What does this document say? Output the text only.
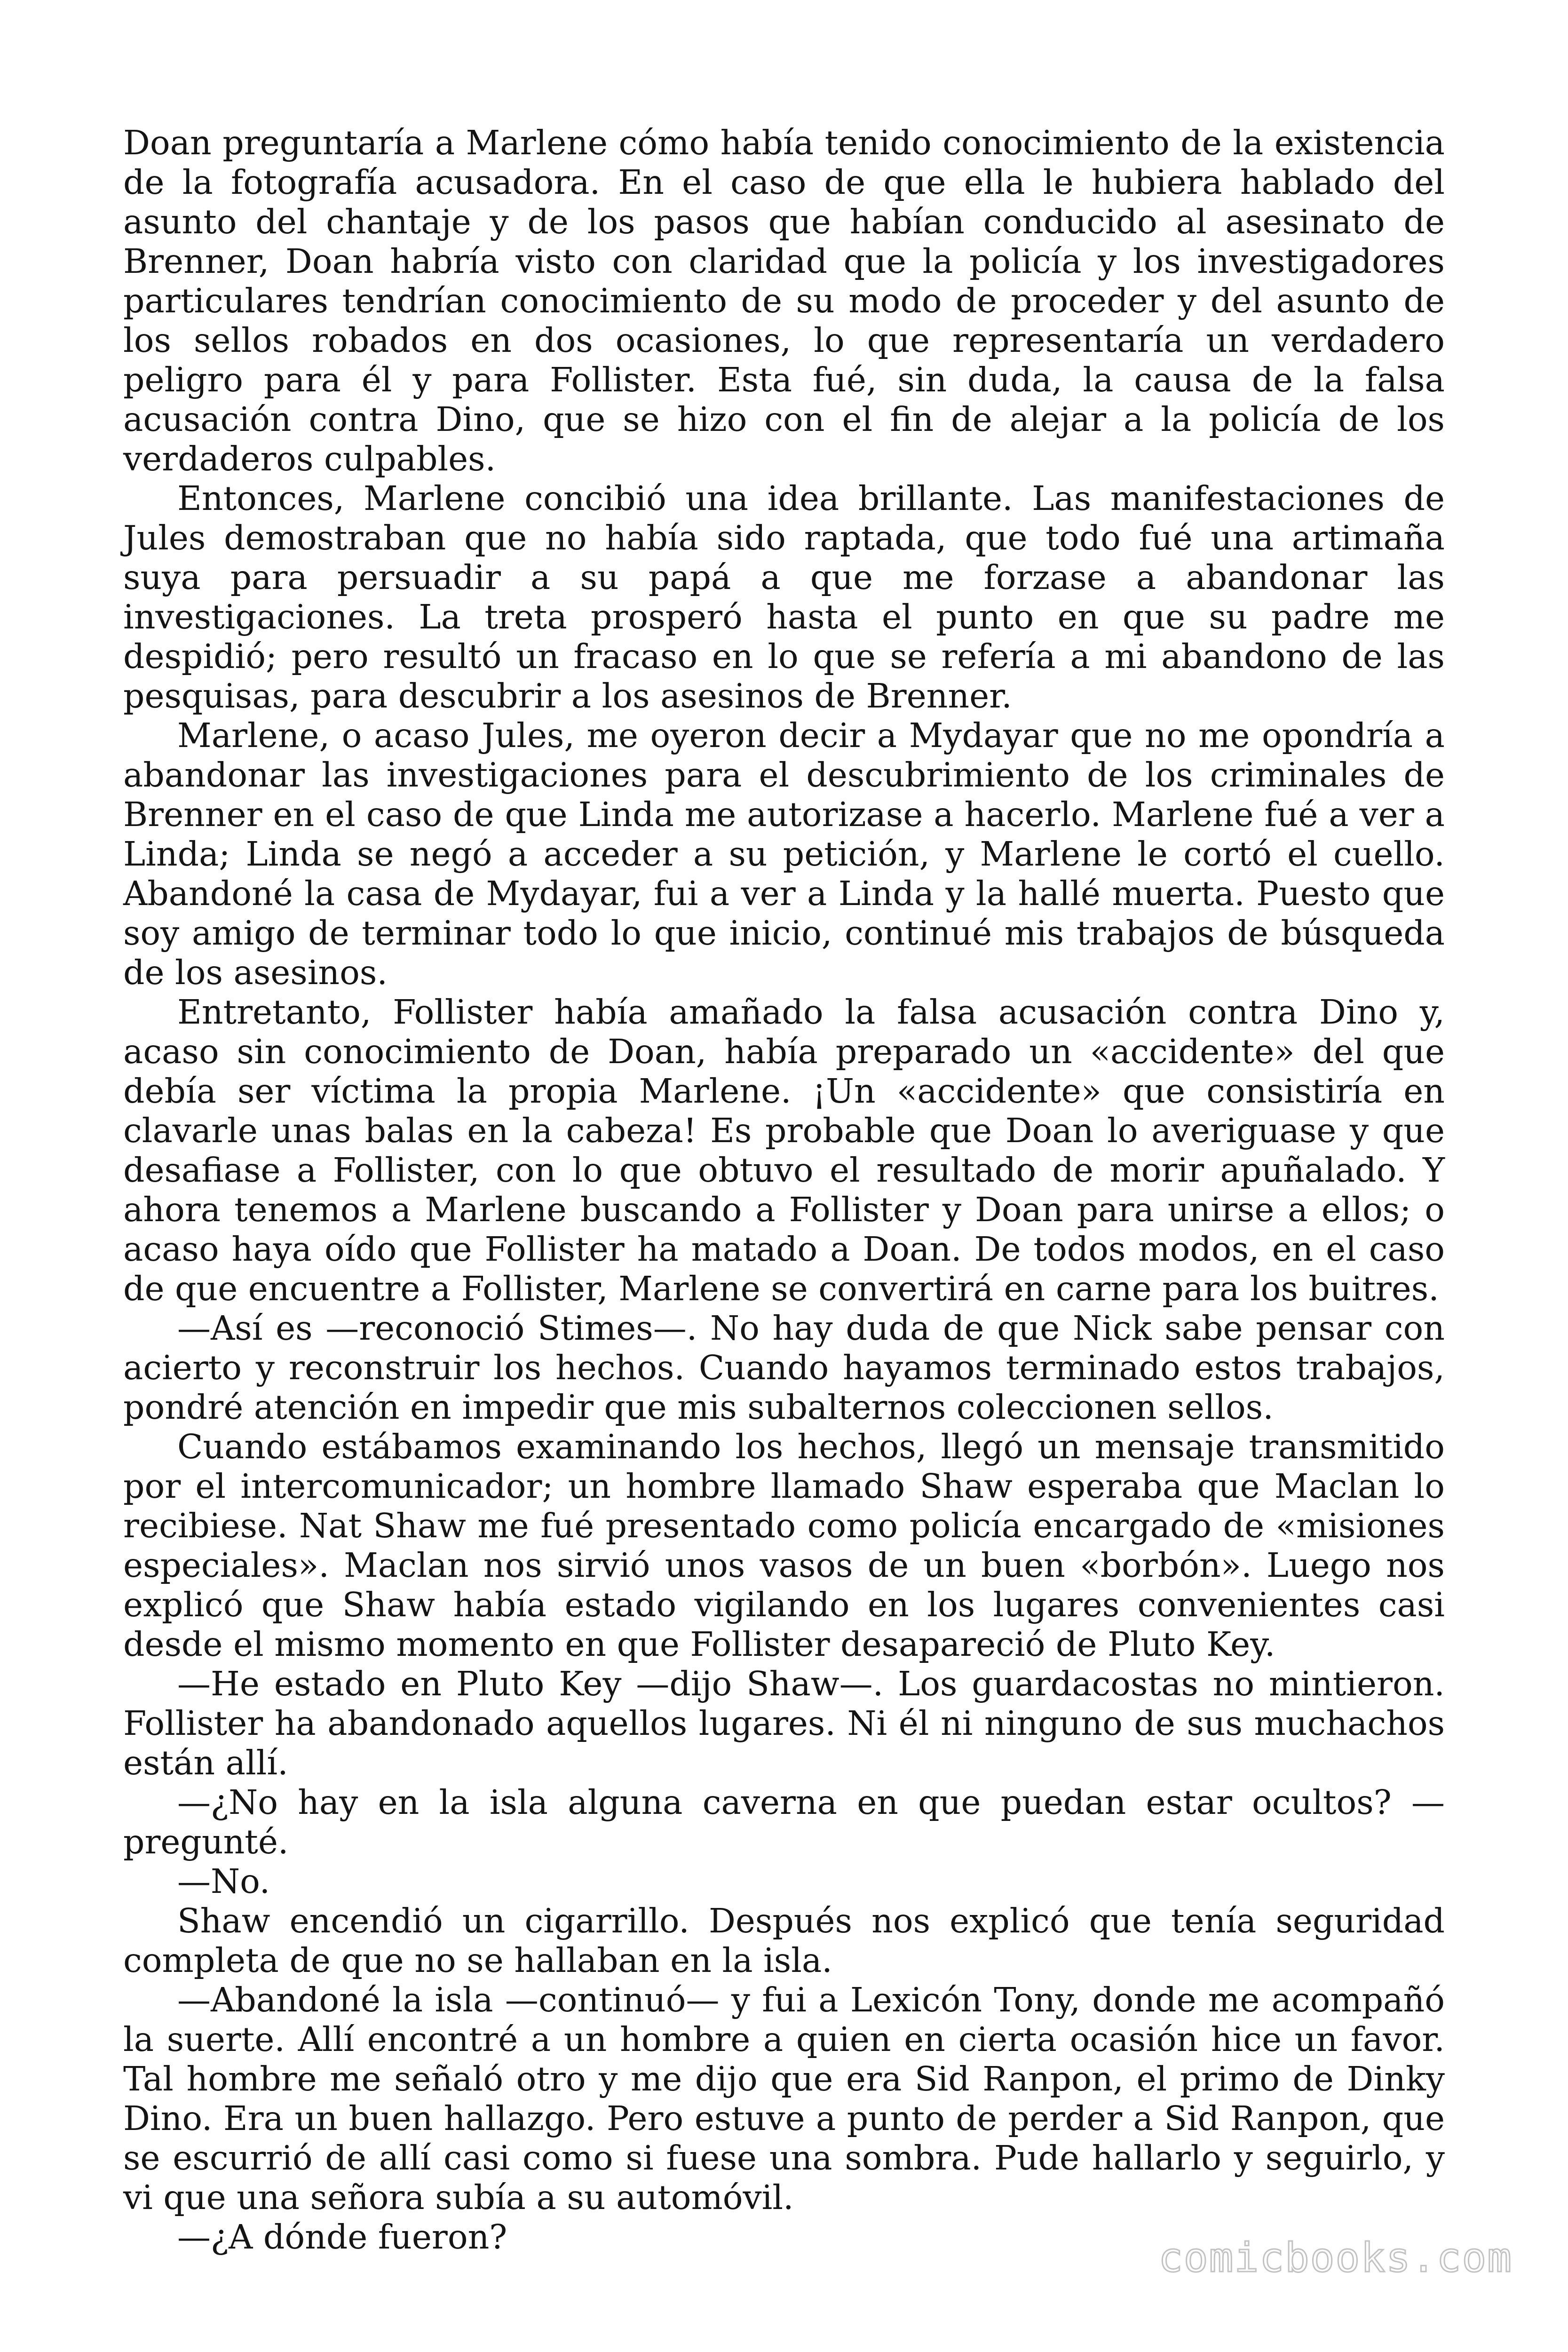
Doan preguntaría a Marlene cómo había tenido conocimiento de la existencia de la fotografía acusadora. En el caso de que ella le hubiera hablado del asunto del chantaje y de los pasos que habían conducido al asesinato de Brenner, Doan habría visto con claridad que la policía y los investigadores particulares tendrían conocimiento de su modo de proceder y del asunto de los sellos robados en dos ocasiones, lo que representaría un verdadero peligro para él y para Follister. Esta fué, sin duda, la causa de la falsa acusación contra Dino, que se hizo con el fin de alejar a la policía de los verdaderos culpables.

Entonces, Marlene concibió una idea brillante. Las manifestaciones de Jules demostraban que no había sido raptada, que todo fué una artimaña suya para persuadir a su papá a que me forzase a abandonar las investigaciones. La treta prosperó hasta el punto en que su padre me despidió; pero resultó un fracaso en lo que se refería a mi abandono de las pesquisas, para descubrir a los asesinos de Brenner.

Marlene, o acaso Jules, me oyeron decir a Mydayar que no me opondría a abandonar las investigaciones para el descubrimiento de los criminales de Brenner en el caso de que Linda me autorizase a hacerlo. Marlene fué a ver a Linda; Linda se negó a acceder a su petición, y Marlene le cortó el cuello. Abandoné la casa de Mydayar, fui a ver a Linda y la hallé muerta. Puesto que soy amigo de terminar todo lo que inicio, continué mis trabajos de búsqueda de los asesinos.

Entretanto, Follister había amañado la falsa acusación contra Dino y, acaso sin conocimiento de Doan, había preparado un «accidente» del que debía ser víctima la propia Marlene. ¡Un «accidente» que consistiría en clavarle unas balas en la cabeza! Es probable que Doan lo averiguase y que desafiase a Follister, con lo que obtuvo el resultado de morir apuñalado. Y ahora tenemos a Marlene buscando a Follister y Doan para unirse a ellos; o acaso haya oído que Follister ha matado a Doan. De todos modos, en el caso de que encuentre a Follister, Marlene se convertirá en carne para los buitres.

—Así es —reconoció Stimes—. No hay duda de que Nick sabe pensar con acierto y reconstruir los hechos. Cuando hayamos terminado estos trabajos, pondré atención en impedir que mis subalternos coleccionen sellos.

Cuando estábamos examinando los hechos, llegó un mensaje transmitido por el intercomunicador; un hombre llamado Shaw esperaba que Maclan lo recibiese. Nat Shaw me fué presentado como policía encargado de «misiones especiales». Maclan nos sirvió unos vasos de un buen «borbón». Luego nos explicó que Shaw había estado vigilando en los lugares convenientes casi desde el mismo momento en que Follister desapareció de Pluto Key.

—He estado en Pluto Key —dijo Shaw—. Los guardacostas no mintieron. Follister ha abandonado aquellos lugares. Ni él ni ninguno de sus muchachos están allí.

—¿No hay en la isla alguna caverna en que puedan estar ocultos? —pregunté.

—No.

Shaw encendió un cigarrillo. Después nos explicó que tenía seguridad completa de que no se hallaban en la isla.

—Abandoné la isla —continuó— y fui a Lexicón Tony, donde me acompañó la suerte. Allí encontré a un hombre a quien en cierta ocasión hice un favor. Tal hombre me señaló otro y me dijo que era Sid Ranpon, el primo de Dinky Dino. Era un buen hallazgo. Pero estuve a punto de perder a Sid Ranpon, que se escurrió de allí casi como si fuese una sombra. Pude hallarlo y seguirlo, y vi que una señora subía a su automóvil.

—¿A dónde fueron?	comicbooks.com
